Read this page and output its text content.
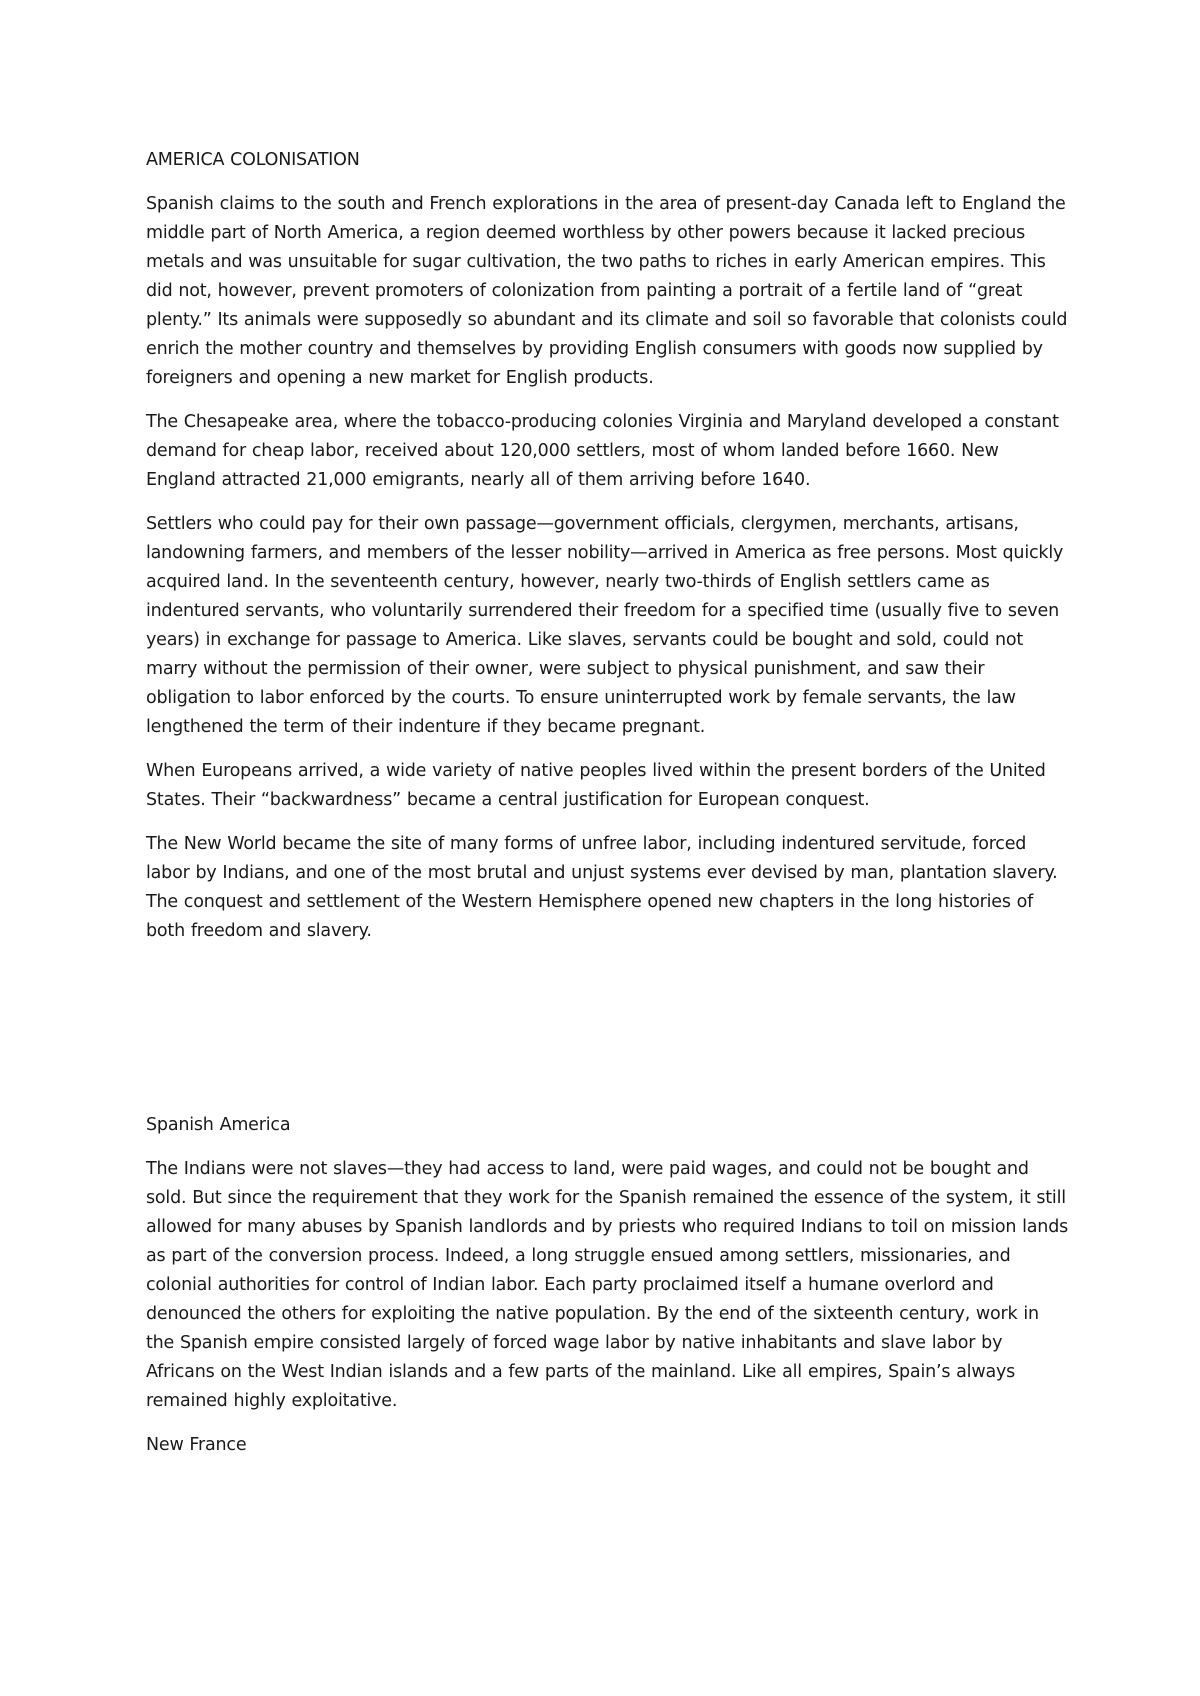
AMERICA COLONISATION

Spanish claims to the south and French explorations in the area of present-day Canada left to England the middle part of North America, a region deemed worthless by other powers because it lacked precious metals and was unsuitable for sugar cultivation, the two paths to riches in early American empires. This did not, however, prevent promoters of colonization from painting a portrait of a fertile land of “great plenty.” Its animals were supposedly so abundant and its climate and soil so favorable that colonists could enrich the mother country and themselves by providing English consumers with goods now supplied by foreigners and opening a new market for English products.

The Chesapeake area, where the tobacco-producing colonies Virginia and Maryland developed a constant demand for cheap labor, received about 120,000 settlers, most of whom landed before 1660. New England attracted 21,000 emigrants, nearly all of them arriving before 1640.

Settlers who could pay for their own passage—government officials, clergymen, merchants, artisans, landowning farmers, and members of the lesser nobility—arrived in America as free persons. Most quickly acquired land. In the seventeenth century, however, nearly two-thirds of English settlers came as indentured servants, who voluntarily surrendered their freedom for a specified time (usually five to seven years) in exchange for passage to America. Like slaves, servants could be bought and sold, could not marry without the permission of their owner, were subject to physical punishment, and saw their obligation to labor enforced by the courts. To ensure uninterrupted work by female servants, the law lengthened the term of their indenture if they became pregnant.

When Europeans arrived, a wide variety of native peoples lived within the present borders of the United States. Their “backwardness” became a central justification for European conquest.

The New World became the site of many forms of unfree labor, including indentured servitude, forced labor by Indians, and one of the most brutal and unjust systems ever devised by man, plantation slavery. The conquest and settlement of the Western Hemisphere opened new chapters in the long histories of both freedom and slavery.

Spanish America

The Indians were not slaves—they had access to land, were paid wages, and could not be bought and sold. But since the requirement that they work for the Spanish remained the essence of the system, it still allowed for many abuses by Spanish landlords and by priests who required Indians to toil on mission lands as part of the conversion process. Indeed, a long struggle ensued among settlers, missionaries, and colonial authorities for control of Indian labor. Each party proclaimed itself a humane overlord and denounced the others for exploiting the native population. By the end of the sixteenth century, work in the Spanish empire consisted largely of forced wage labor by native inhabitants and slave labor by Africans on the West Indian islands and a few parts of the mainland. Like all empires, Spain’s always remained highly exploitative.

New France
